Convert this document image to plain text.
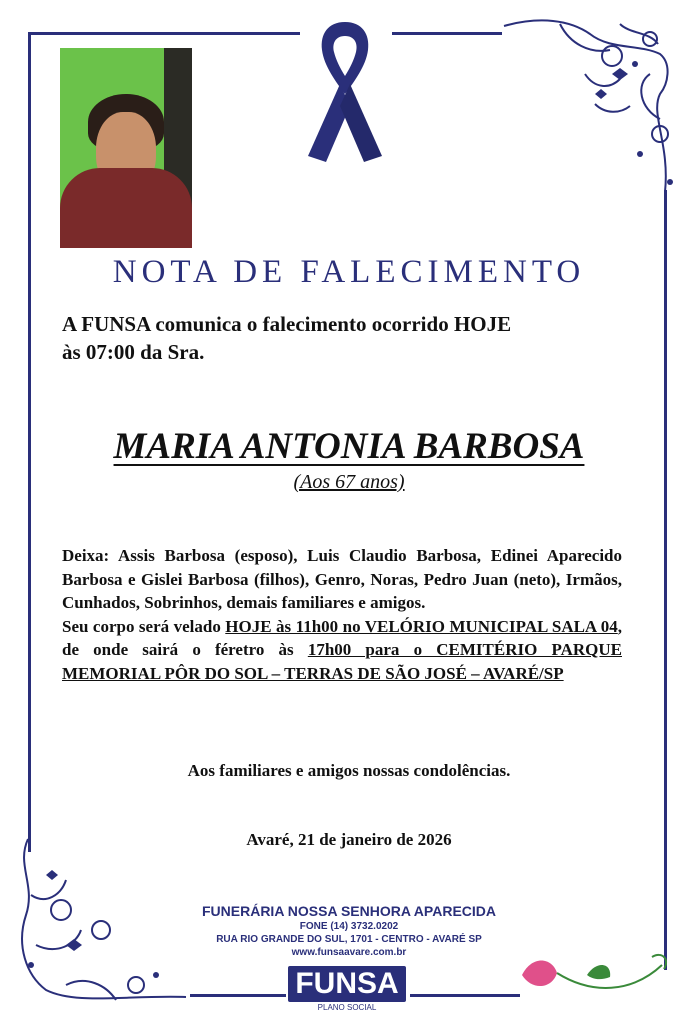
NOTA DE FALECIMENTO
A FUNSA comunica o falecimento ocorrido HOJE
às 07:00 da Sra.
MARIA ANTONIA BARBOSA
(Aos 67 anos)
Deixa: Assis Barbosa (esposo), Luis Claudio Barbosa, Edinei Aparecido Barbosa e Gislei Barbosa (filhos), Genro, Noras, Pedro Juan (neto), Irmãos, Cunhados, Sobrinhos, demais familiares e amigos.
Seu corpo será velado HOJE às 11h00 no VELÓRIO MUNICIPAL SALA 04, de onde sairá o féretro às 17h00 para o CEMITÉRIO PARQUE MEMORIAL PÔR DO SOL – TERRAS DE SÃO JOSÉ – AVARÉ/SP
Aos familiares e amigos nossas condolências.
Avaré, 21 de janeiro de 2026
FUNERÁRIA NOSSA SENHORA APARECIDA
FONE (14) 3732.0202
RUA RIO GRANDE DO SUL, 1701 - CENTRO - AVARÉ SP
www.funsaavare.com.br
FUNSA
PLANO SOCIAL
